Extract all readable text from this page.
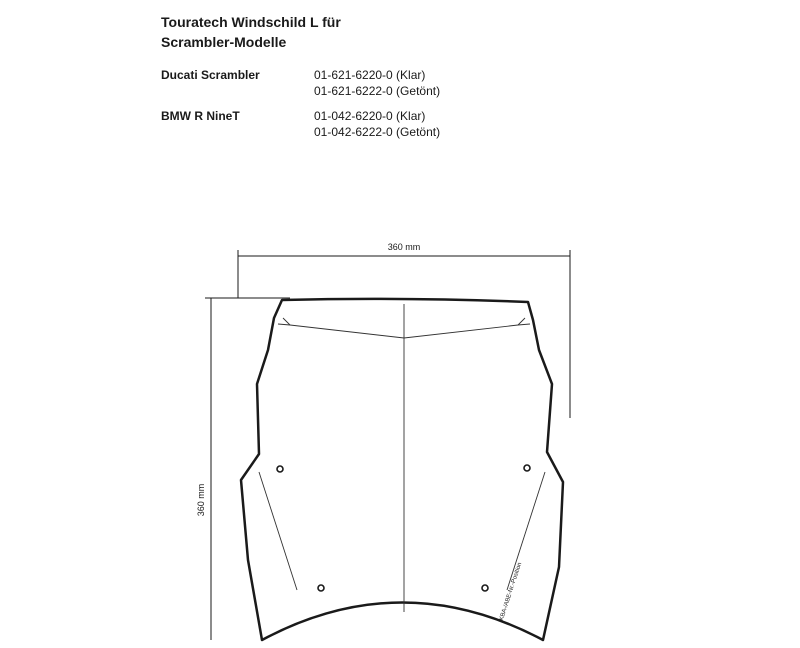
Touratech Windschild L für
Scrambler-Modelle
Ducati Scrambler	01-621-6220-0 (Klar)
01-621-6222-0 (Getönt)
BMW R NineT	01-042-6220-0 (Klar)
01-042-6222-0 (Getönt)
360 mm
360 mm
KBA-/ABE-Nr.-Position
